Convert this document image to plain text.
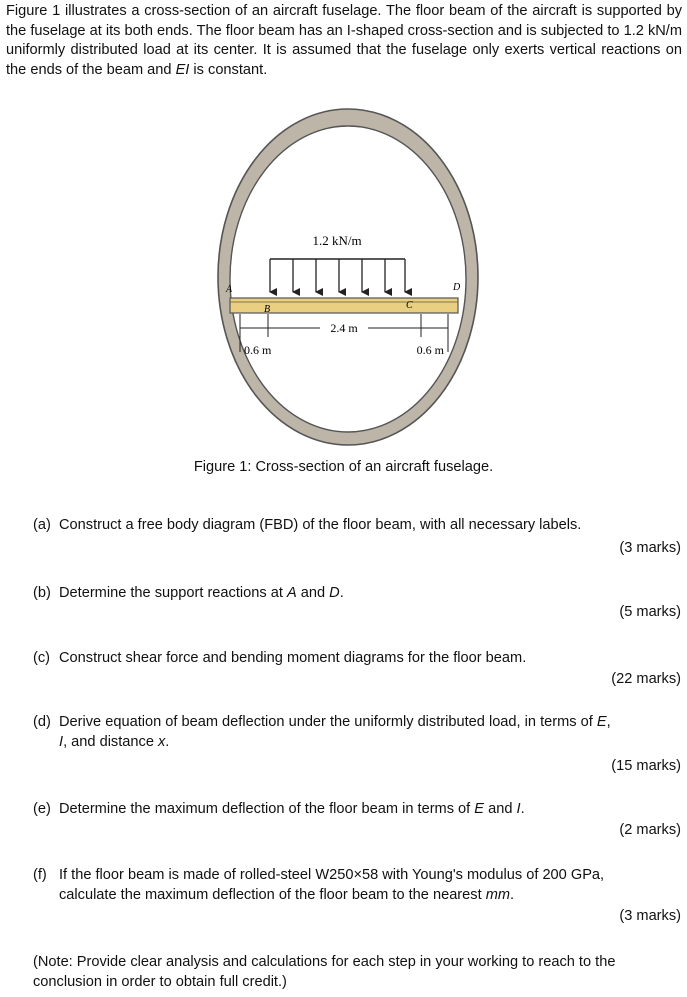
Figure 1 illustrates a cross-section of an aircraft fuselage. The floor beam of the aircraft is supported by the fuselage at its both ends. The floor beam has an I-shaped cross-section and is subjected to 1.2 kN/m uniformly distributed load at its center. It is assumed that the fuselage only exerts vertical reactions on the ends of the beam and EI is constant.

1.2 kN/m
A
B	C
D
2.4 m
0.6 m	0.6 m
Figure 1: Cross-section of an aircraft fuselage.
(a) Construct a free body diagram (FBD) of the floor beam, with all necessary labels.
(3 marks)
(b) Determine the support reactions at A and D.
(5 marks)
(c) Construct shear force and bending moment diagrams for the floor beam.
(22 marks)
(d) Derive equation of beam deflection under the uniformly distributed load, in terms of E,
I, and distance x.
(15 marks)
(e) Determine the maximum deflection of the floor beam in terms of E and I.
(2 marks)
(f) If the floor beam is made of rolled-steel W250×58 with Young's modulus of 200 GPa,
calculate the maximum deflection of the floor beam to the nearest mm.
(3 marks)
(Note: Provide clear analysis and calculations for each step in your working to reach to the conclusion in order to obtain full credit.)
